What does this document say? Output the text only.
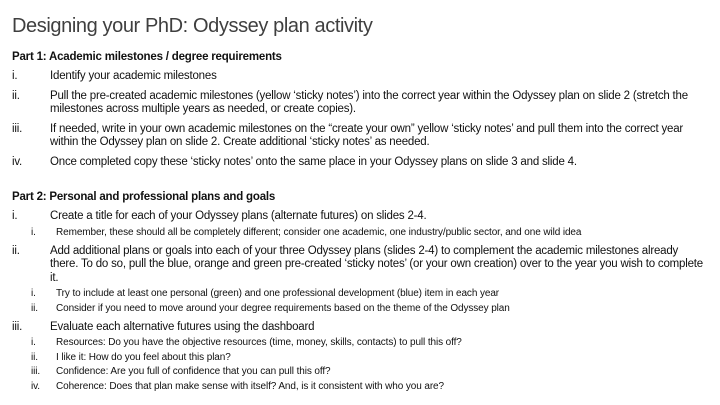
Designing your PhD: Odyssey plan activity
Part 1: Academic milestones / degree requirements
i.	Identify your academic milestones
ii.	Pull the pre-created academic milestones (yellow ‘sticky notes’) into the correct year within the Odyssey plan on slide 2 (stretch the milestones across multiple years as needed, or create copies).
iii.	If needed, write in your own academic milestones on the “create your own” yellow ‘sticky notes’ and pull them into the correct year within the Odyssey plan on slide 2. Create additional ‘sticky notes’ as needed.
iv.	Once completed copy these ‘sticky notes’ onto the same place in your Odyssey plans on slide 3 and slide 4.
Part 2: Personal and professional plans and goals
i.	Create a title for each of your Odyssey plans (alternate futures) on slides 2-4.
i.	Remember, these should all be completely different; consider one academic, one industry/public sector, and one wild idea
ii.	Add additional plans or goals into each of your three Odyssey plans (slides 2-4) to complement the academic milestones already there. To do so, pull the blue, orange and green pre-created ‘sticky notes’ (or your own creation) over to the year you wish to complete it.
i.	Try to include at least one personal (green) and one professional development (blue) item in each year
ii.	Consider if you need to move around your degree requirements based on the theme of the Odyssey plan
iii.	Evaluate each alternative futures using the dashboard
i.	Resources: Do you have the objective resources (time, money, skills, contacts) to pull this off?
ii.	I like it: How do you feel about this plan?
iii.	Confidence: Are you full of confidence that you can pull this off?
iv.	Coherence: Does that plan make sense with itself? And, is it consistent with who you are?
